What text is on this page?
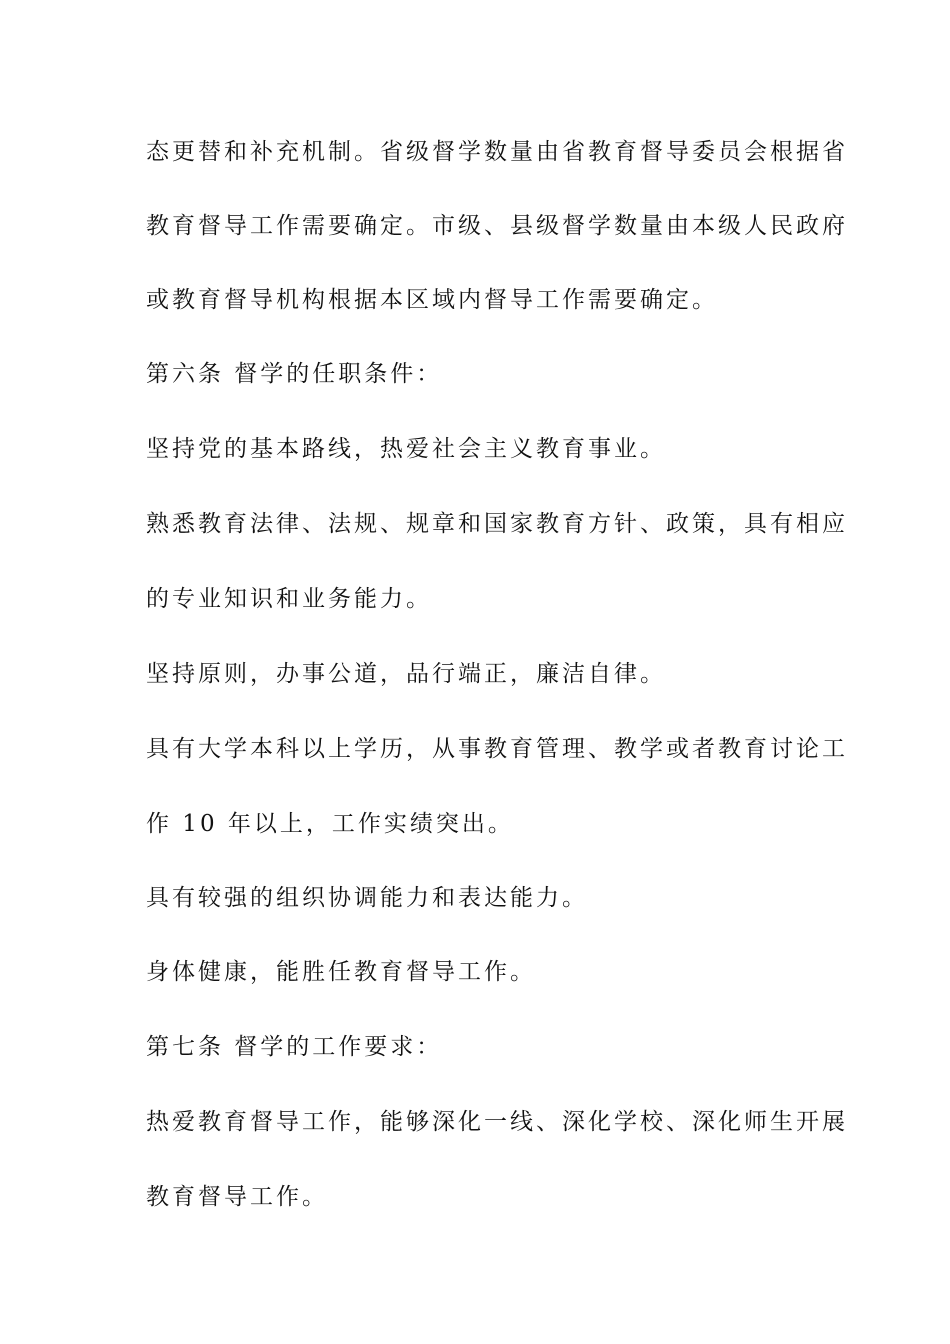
态更替和补充机制。省级督学数量由省教育督导委员会根据省
教育督导工作需要确定。市级、县级督学数量由本级人民政府
或教育督导机构根据本区域内督导工作需要确定。
第六条 督学的任职条件：
坚持党的基本路线，热爱社会主义教育事业。
熟悉教育法律、法规、规章和国家教育方针、政策，具有相应
的专业知识和业务能力。
坚持原则，办事公道，品行端正，廉洁自律。
具有大学本科以上学历，从事教育管理、教学或者教育讨论工
作 10 年以上，工作实绩突出。
具有较强的组织协调能力和表达能力。
身体健康，能胜任教育督导工作。
第七条 督学的工作要求：
热爱教育督导工作，能够深化一线、深化学校、深化师生开展
教育督导工作。
